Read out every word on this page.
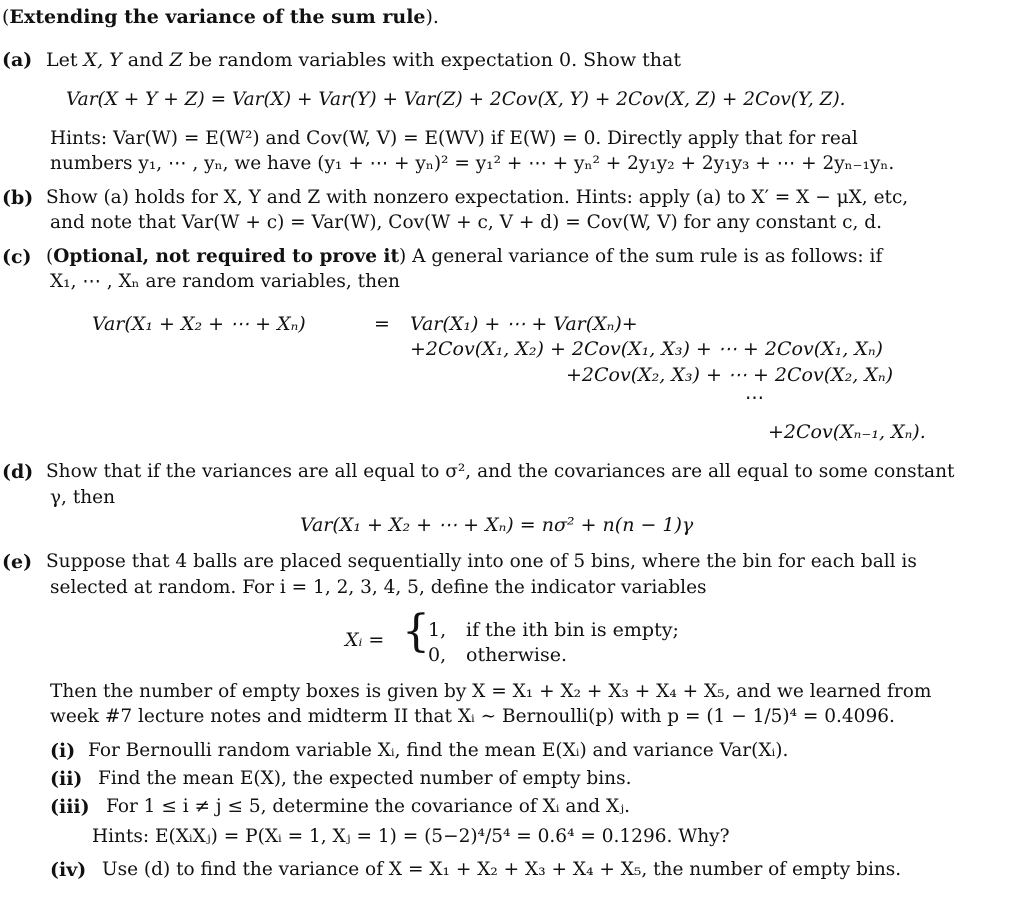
(Extending the variance of the sum rule).
(a) Let X, Y and Z be random variables with expectation 0. Show that
Var(X + Y + Z) = Var(X) + Var(Y) + Var(Z) + 2Cov(X, Y) + 2Cov(X, Z) + 2Cov(Y, Z).
Hints: Var(W) = E(W²) and Cov(W, V) = E(WV) if E(W) = 0. Directly apply that for real
numbers y₁, ⋯ , yₙ, we have (y₁ + ⋯ + yₙ)² = y₁² + ⋯ + yₙ² + 2y₁y₂ + 2y₁y₃ + ⋯ + 2yₙ₋₁yₙ.
(b) Show (a) holds for X, Y and Z with nonzero expectation. Hints: apply (a) to X′ = X − μX, etc,
and note that Var(W + c) = Var(W), Cov(W + c, V + d) = Cov(W, V) for any constant c, d.
(c) (Optional, not required to prove it) A general variance of the sum rule is as follows: if
X₁, ⋯ , Xₙ are random variables, then
Var(X₁ + X₂ + ⋯ + Xₙ)	= Var(X₁) + ⋯ + Var(Xₙ)+
+2Cov(X₁, X₂) + 2Cov(X₁, X₃) + ⋯ + 2Cov(X₁, Xₙ)
+2Cov(X₂, X₃) + ⋯ + 2Cov(X₂, Xₙ)
⋯
+2Cov(Xₙ₋₁, Xₙ).
(d) Show that if the variances are all equal to σ², and the covariances are all equal to some constant
γ, then
Var(X₁ + X₂ + ⋯ + Xₙ) = nσ² + n(n − 1)γ
(e) Suppose that 4 balls are placed sequentially into one of 5 bins, where the bin for each ball is
selected at random. For i = 1, 2, 3, 4, 5, define the indicator variables
Xᵢ = {
1, if the ith bin is empty;
0, otherwise.
Then the number of empty boxes is given by X = X₁ + X₂ + X₃ + X₄ + X₅, and we learned from
week #7 lecture notes and midterm II that Xᵢ ∼ Bernoulli(p) with p = (1 − 1/5)⁴ = 0.4096.
(i) For Bernoulli random variable Xᵢ, find the mean E(Xᵢ) and variance Var(Xᵢ).
(ii) Find the mean E(X), the expected number of empty bins.
(iii) For 1 ≤ i ≠ j ≤ 5, determine the covariance of Xᵢ and Xⱼ.
Hints: E(XᵢXⱼ) = P(Xᵢ = 1, Xⱼ = 1) = (5−2)⁴/5⁴ = 0.6⁴ = 0.1296. Why?
(iv) Use (d) to find the variance of X = X₁ + X₂ + X₃ + X₄ + X₅, the number of empty bins.
